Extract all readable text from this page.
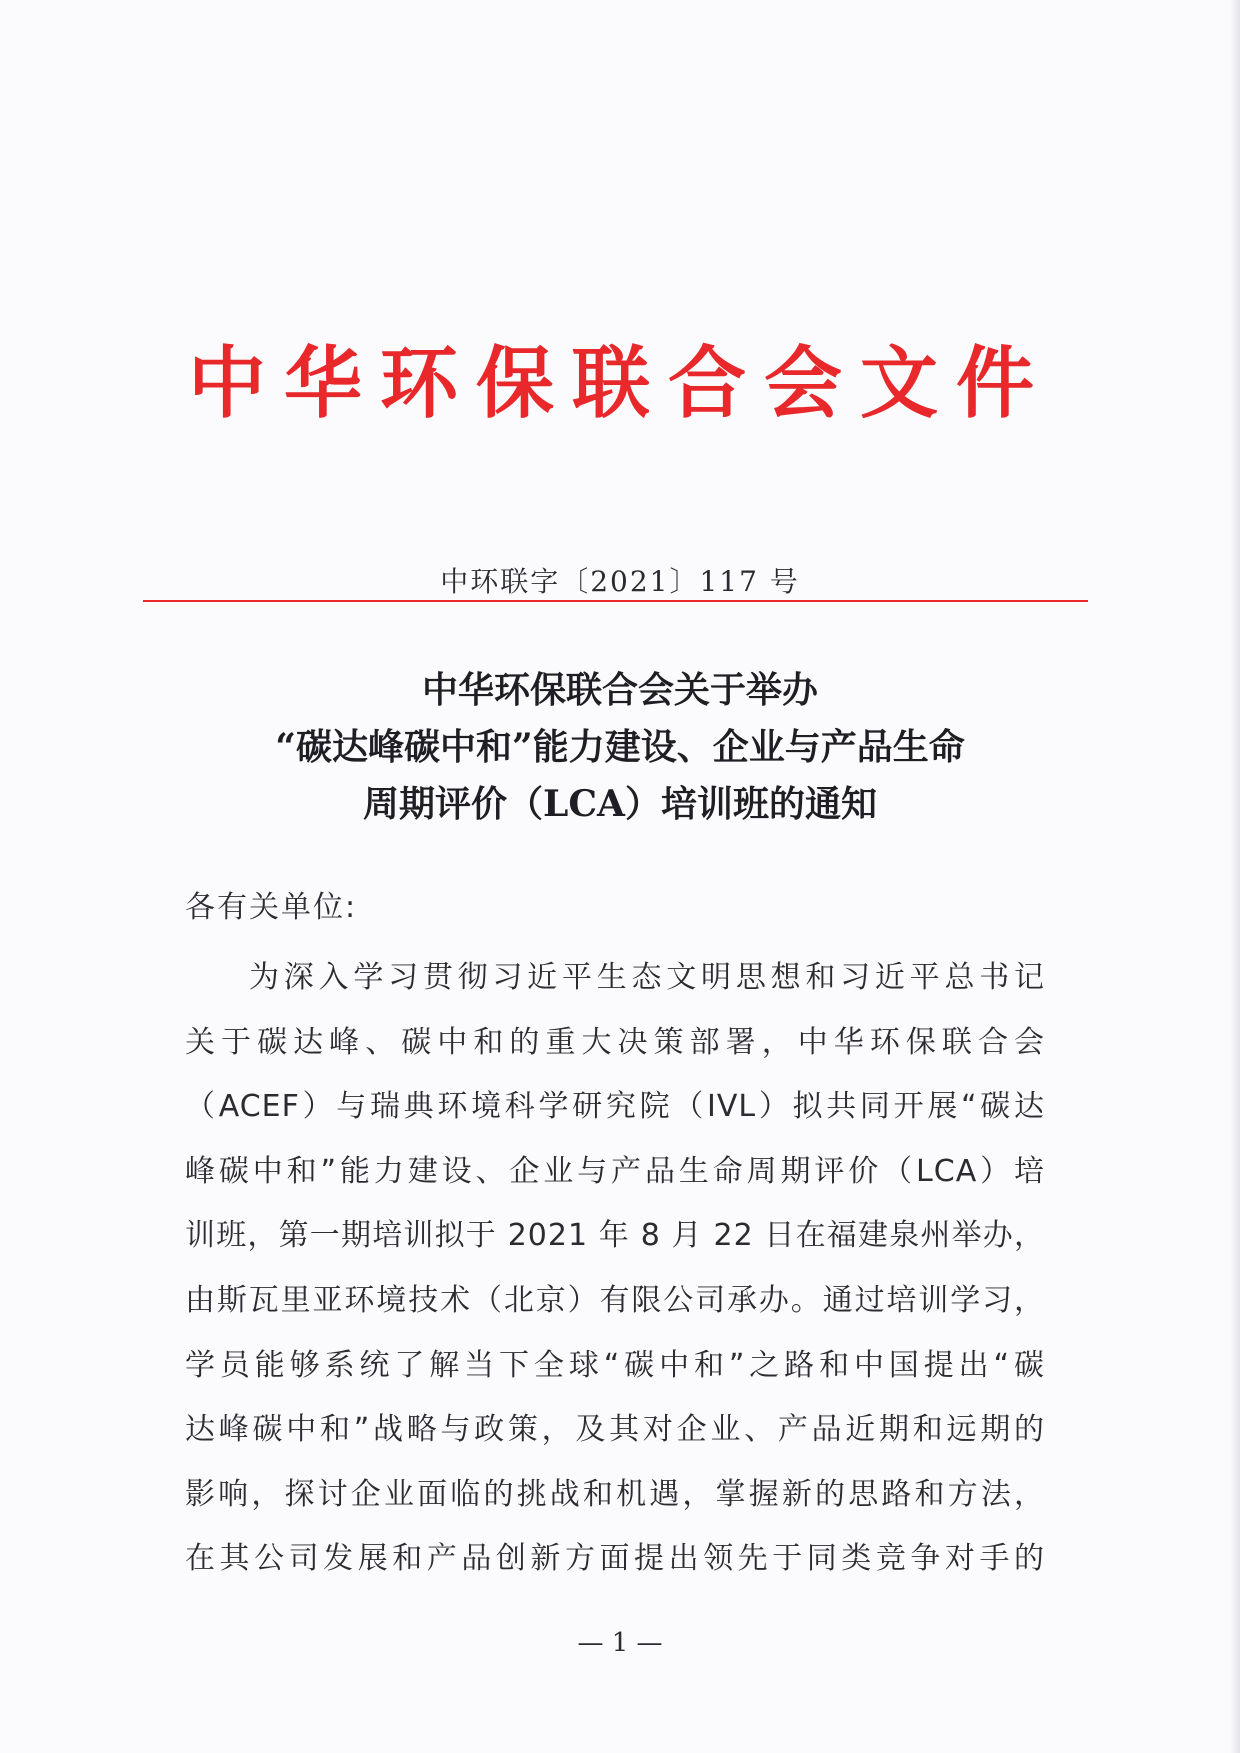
中华环保联合会文件
中环联字〔2021〕117 号
中华环保联合会关于举办
“碳达峰碳中和”能力建设、企业与产品生命
周期评价（LCA）培训班的通知
各有关单位:
为深入学习贯彻习近平生态文明思想和习近平总书记
关于碳达峰、碳中和的重大决策部署，中华环保联合会
（ACEF）与瑞典环境科学研究院（IVL）拟共同开展“碳达
峰碳中和”能力建设、企业与产品生命周期评价（LCA）培
训班，第一期培训拟于 2021 年 8 月 22 日在福建泉州举办，
由斯瓦里亚环境技术（北京）有限公司承办。通过培训学习，
学员能够系统了解当下全球“碳中和”之路和中国提出“碳
达峰碳中和”战略与政策，及其对企业、产品近期和远期的
影响，探讨企业面临的挑战和机遇，掌握新的思路和方法，
在其公司发展和产品创新方面提出领先于同类竞争对手的
— 1 —
